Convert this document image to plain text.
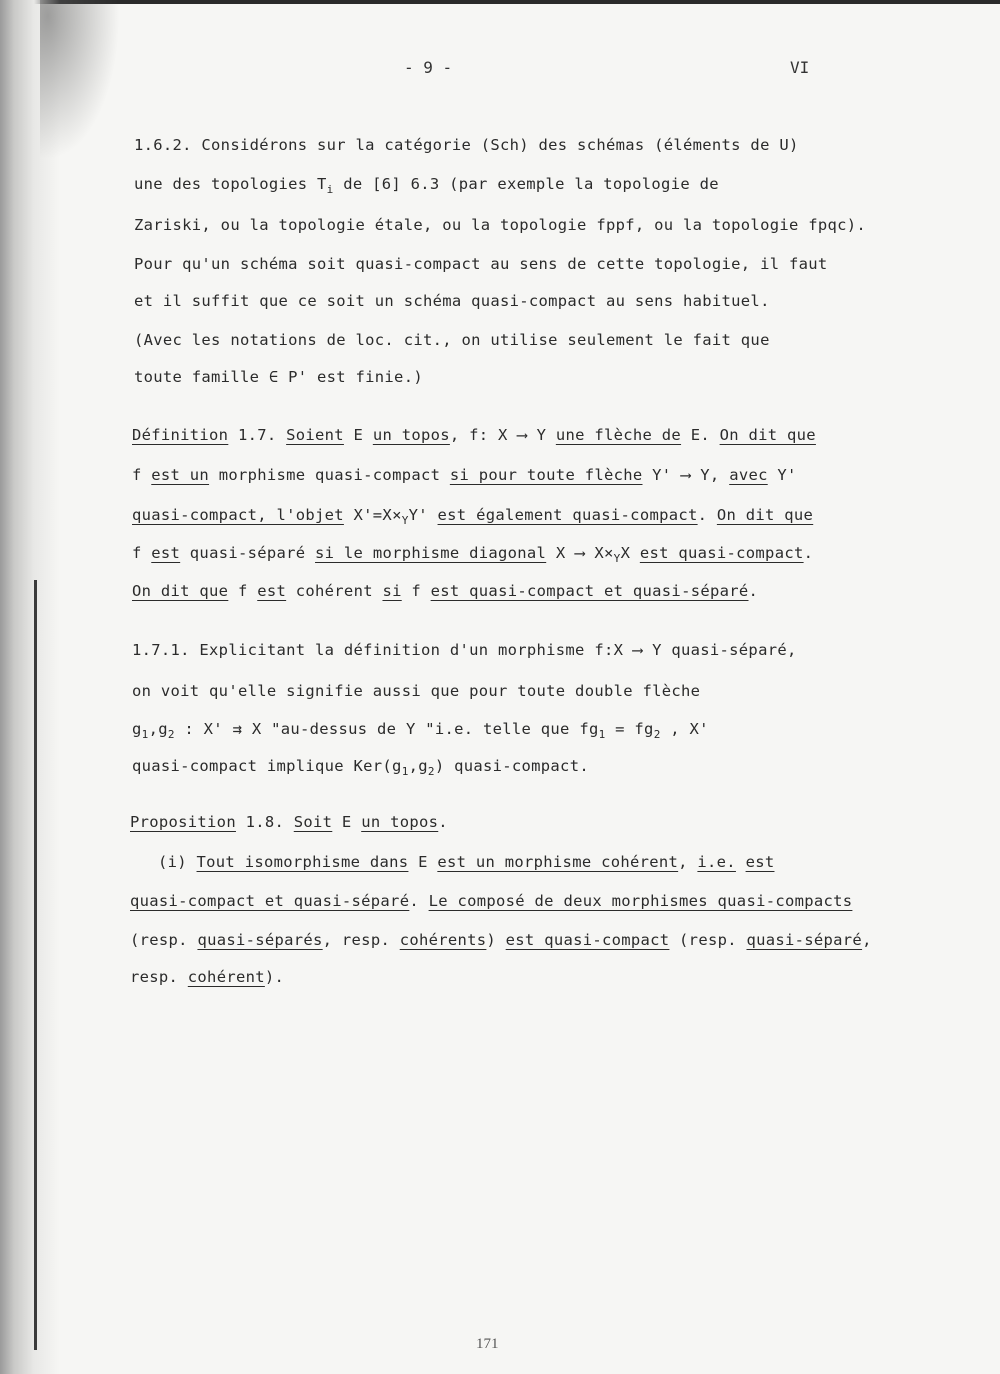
- 9 -	VI
1.6.2. Considérons sur la catégorie (Sch) des schémas (éléments de U)
une des topologies $T_i$ de [6] 6.3 (par exemple la topologie de
Zariski, ou la topologie étale, ou la topologie fppf, ou la topologie fpqc).
Pour qu'un schéma soit quasi-compact au sens de cette topologie, il faut
et il suffit que ce soit un schéma quasi-compact au sens habituel.
(Avec les notations de loc. cit., on utilise seulement le fait que
toute famille ∈ P' est finie.)
Définition 1.7. Soient E un topos, f: X ⟶ Y une flèche de E. On dit que
f est un morphisme quasi-compact si pour toute flèche Y' ⟶ Y, avec Y'
quasi-compact, l'objet $X'=X\times_YY'$ est également quasi-compact. On dit que
f est quasi-séparé si le morphisme diagonal X ⟶ $X\times_YX$ est quasi-compact.
On dit que f est cohérent si f est quasi-compact et quasi-séparé.
1.7.1. Explicitant la définition d'un morphisme f:X ⟶ Y quasi-séparé,
on voit qu'elle signifie aussi que pour toute double flèche
$g_1,g_2$ : X' ⇉ X "au-dessus de Y "i.e. telle que $fg_1 = fg_2$ , X'
quasi-compact implique $Ker(g_1,g_2)$ quasi-compact.
Proposition 1.8. Soit E un topos.
(i) Tout isomorphisme dans E est un morphisme cohérent, i.e. est
quasi-compact et quasi-séparé. Le composé de deux morphismes quasi-compacts
(resp. quasi-séparés, resp. cohérents) est quasi-compact (resp. quasi-séparé,
resp. cohérent).
171
